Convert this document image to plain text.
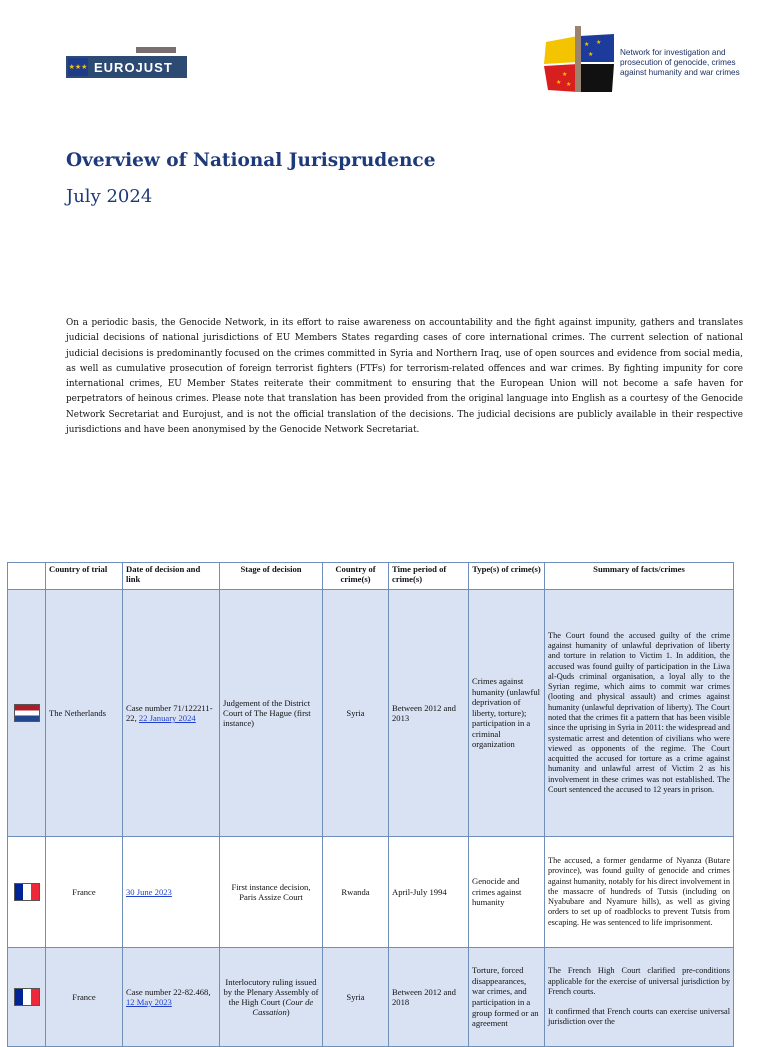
★★★ EUROJUST
★ ★
★
★
★ ★
Network for investigation and
prosecution of genocide, crimes
against humanity and war crimes
Overview of National Jurisprudence
July 2024
On a periodic basis, the Genocide Network, in its effort to raise awareness on accountability and the fight against impunity, gathers and translates judicial decisions of national jurisdictions of EU Members States regarding cases of core international crimes. The current selection of national judicial decisions is predominantly focused on the crimes committed in Syria and Northern Iraq, use of open sources and evidence from social media, as well as cumulative prosecution of foreign terrorist fighters (FTFs) for terrorism-related offences and war crimes. By fighting impunity for core international crimes, EU Member States reiterate their commitment to ensuring that the European Union will not become a safe haven for perpetrators of heinous crimes. Please note that translation has been provided from the original language into English as a courtesy of the Genocide Network Secretariat and Eurojust, and is not the official translation of the decisions. The judicial decisions are publicly available in their respective jurisdictions and have been anonymised by the Genocide Network Secretariat.
	Country of trial	Date of decision and link	Stage of decision	Country of crime(s)	Time period of crime(s)	Type(s) of crime(s)	Summary of facts/crimes
	The Netherlands	Case number 71/122211-22, 22 January 2024	Judgement of the District Court of The Hague (first instance)	Syria	Between 2012 and 2013	Crimes against humanity (unlawful deprivation of liberty, torture); participation in a criminal organization	The Court found the accused guilty of the crime against humanity of unlawful deprivation of liberty and torture in relation to Victim 1. In addition, the accused was found guilty of participation in the Liwa al-Quds criminal organisation, a loyal ally to the Syrian regime, which aims to commit war crimes (looting and physical assault) and crimes against humanity (unlawful deprivation of liberty). The Court noted that the crimes fit a pattern that has been visible since the uprising in Syria in 2011: the widespread and systematic arrest and detention of civilians who were viewed as opponents of the regime. The Court acquitted the accused for torture as a crime against humanity and unlawful arrest of Victim 2 as his involvement in these crimes was not established. The Court sentenced the accused to 12 years in prison.
	France	30 June 2023	First instance decision, Paris Assize Court	Rwanda	April-July 1994	Genocide and crimes against humanity	The accused, a former gendarme of Nyanza (Butare province), was found guilty of genocide and crimes against humanity, notably for his direct involvement in the massacre of hundreds of Tutsis (including on Nyabubare and Nyamure hills), as well as giving orders to set up of roadblocks to prevent Tutsis from escaping. He was sentenced to life imprisonment.
	France	Case number 22-82.468, 12 May 2023	Interlocutory ruling issued by the Plenary Assembly of the High Court (Cour de Cassation)	Syria	Between 2012 and 2018	Torture, forced disappearances, war crimes, and participation in a group formed or an agreement	The French High Court clarified pre-conditions applicable for the exercise of universal jurisdiction by French courts.
It confirmed that French courts can exercise universal jurisdiction over the
